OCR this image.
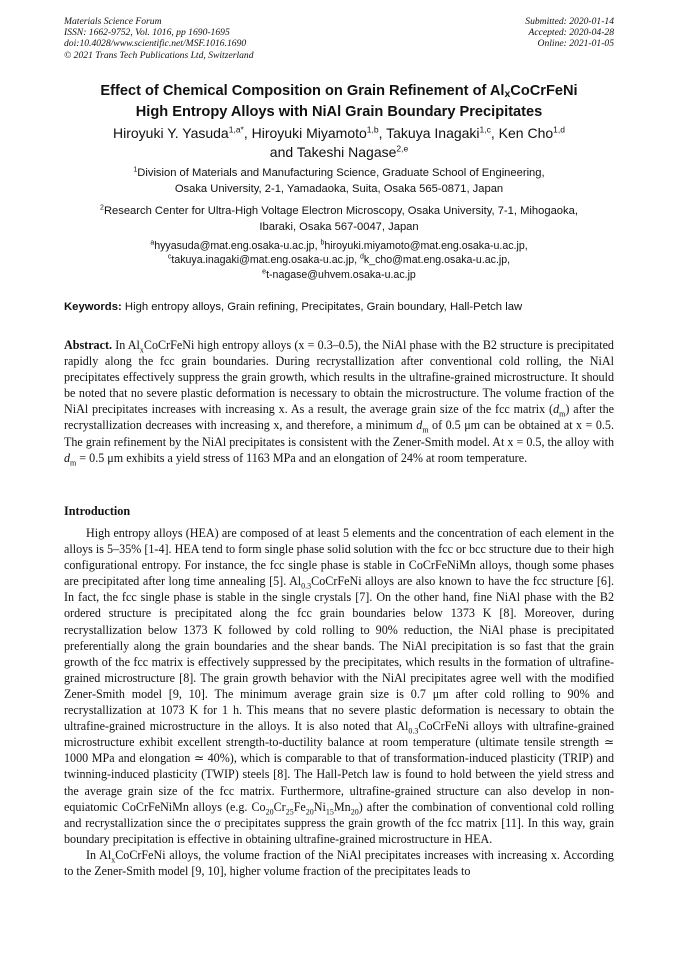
Materials Science Forum
ISSN: 1662-9752, Vol. 1016, pp 1690-1695
doi:10.4028/www.scientific.net/MSF.1016.1690
© 2021 Trans Tech Publications Ltd, Switzerland
Submitted: 2020-01-14
Accepted: 2020-04-28
Online: 2021-01-05
Effect of Chemical Composition on Grain Refinement of AlxCoCrFeNi
High Entropy Alloys with NiAl Grain Boundary Precipitates
Hiroyuki Y. Yasuda$^{1,a*}$, Hiroyuki Miyamoto$^{1,b}$, Takuya Inagaki$^{1,c}$, Ken Cho$^{1,d}$
and Takeshi Nagase$^{2,e}$
$^1$Division of Materials and Manufacturing Science, Graduate School of Engineering,
Osaka University, 2-1, Yamadaoka, Suita, Osaka 565-0871, Japan
$^2$Research Center for Ultra-High Voltage Electron Microscopy, Osaka University, 7-1, Mihogaoka,
Ibaraki, Osaka 567-0047, Japan
$^a$hyyasuda@mat.eng.osaka-u.ac.jp, $^b$hiroyuki.miyamoto@mat.eng.osaka-u.ac.jp,
$^c$takuya.inagaki@mat.eng.osaka-u.ac.jp, $^d$k_cho@mat.eng.osaka-u.ac.jp,
$^e$t-nagase@uhvem.osaka-u.ac.jp
Keywords: High entropy alloys, Grain refining, Precipitates, Grain boundary, Hall-Petch law

Abstract. In $Al_xCoCrFeNi$ high entropy alloys (x = 0.3–0.5), the NiAl phase with the B2 structure is precipitated rapidly along the fcc grain boundaries. During recrystallization after conventional cold rolling, the NiAl precipitates effectively suppress the grain growth, which results in the ultrafine-grained microstructure. It should be noted that no severe plastic deformation is necessary to obtain the microstructure. The volume fraction of the NiAl precipitates increases with increasing x. As a result, the average grain size of the fcc matrix $(d_m)$ after the recrystallization decreases with increasing x, and therefore, a minimum $d_m$ of 0.5 μm can be obtained at x = 0.5. The grain refinement by the NiAl precipitates is consistent with the Zener-Smith model. At x = 0.5, the alloy with $d_m = 0.5$ μm exhibits a yield stress of 1163 MPa and an elongation of 24% at room temperature.

Introduction

High entropy alloys (HEA) are composed of at least 5 elements and the concentration of each element in the alloys is 5–35% [1-4]. HEA tend to form single phase solid solution with the fcc or bcc structure due to their high configurational entropy. For instance, the fcc single phase is stable in CoCrFeNiMn alloys, though some phases are precipitated after long time annealing [5]. $Al_{0.3}CoCrFeNi$ alloys are also known to have the fcc structure [6]. In fact, the fcc single phase is stable in the single crystals [7]. On the other hand, fine NiAl phase with the B2 ordered structure is precipitated along the fcc grain boundaries below 1373 K [8]. Moreover, during recrystallization below 1373 K followed by cold rolling to 90% reduction, the NiAl phase is precipitated preferentially along the grain boundaries and the shear bands. The NiAl precipitation is so fast that the grain growth of the fcc matrix is effectively suppressed by the precipitates, which results in the formation of ultrafine-grained microstructure [8]. The grain growth behavior with the NiAl precipitates agree well with the modified Zener-Smith model [9, 10]. The minimum average grain size is 0.7 μm after cold rolling to 90% and recrystallization at 1073 K for 1 h. This means that no severe plastic deformation is necessary to obtain the ultrafine-grained microstructure in the alloys. It is also noted that $Al_{0.3}CoCrFeNi$ alloys with ultrafine-grained microstructure exhibit excellent strength-to-ductility balance at room temperature (ultimate tensile strength ≃ 1000 MPa and elongation ≃ 40%), which is comparable to that of transformation-induced plasticity (TRIP) and twinning-induced plasticity (TWIP) steels [8]. The Hall-Petch law is found to hold between the yield stress and the average grain size of the fcc matrix. Furthermore, ultrafine-grained structure can also develop in non-equiatomic CoCrFeNiMn alloys (e.g. $Co_{20}Cr_{25}Fe_{20}Ni_{15}Mn_{20}$) after the combination of conventional cold rolling and recrystallization since the σ precipitates suppress the grain growth of the fcc matrix [11]. In this way, grain boundary precipitation is effective in obtaining ultrafine-grained microstructure in HEA.

In $Al_xCoCrFeNi$ alloys, the volume fraction of the NiAl precipitates increases with increasing x. According to the Zener-Smith model [9, 10], higher volume fraction of the precipitates leads to
